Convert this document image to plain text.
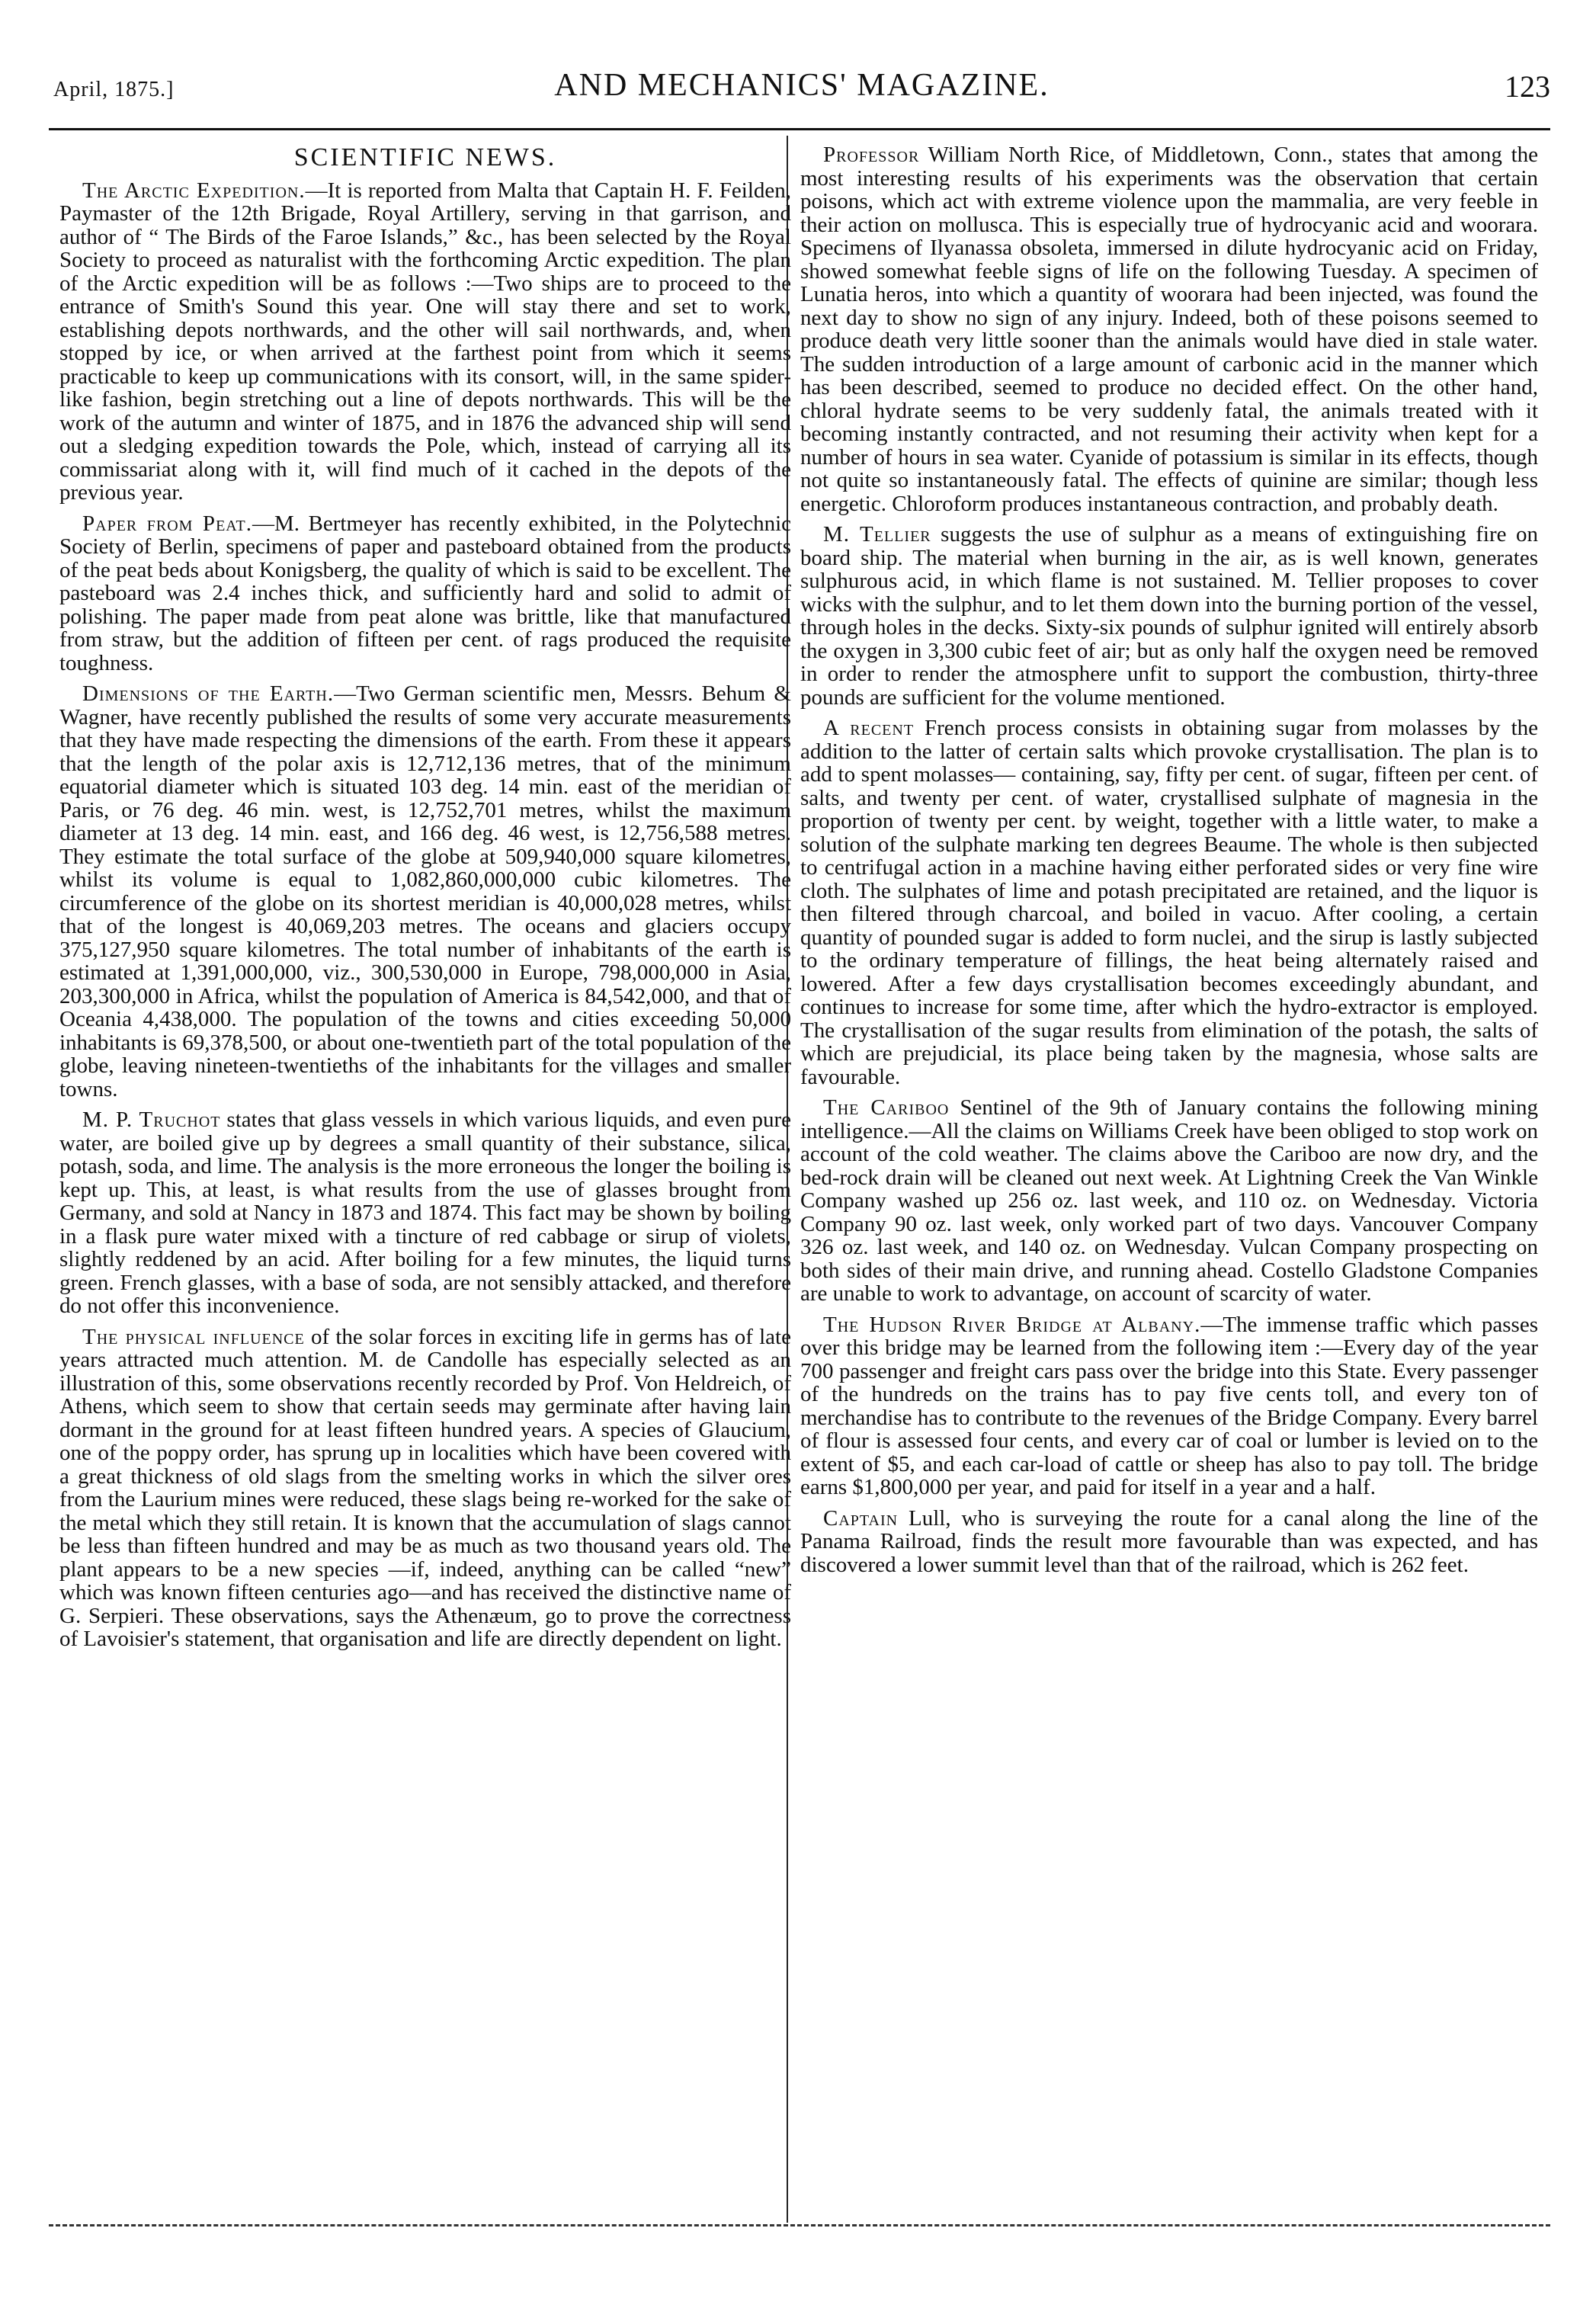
April, 1875.]	AND MECHANICS' MAGAZINE.	123
SCIENTIFIC NEWS.

The Arctic Expedition.—It is reported from Malta that Captain H. F. Feilden, Paymaster of the 12th Brigade, Royal Artillery, serving in that garrison, and author of “ The Birds of the Faroe Islands,” &c., has been selected by the Royal Society to proceed as naturalist with the forthcoming Arctic expedition. The plan of the Arctic expedition will be as follows :—Two ships are to proceed to the entrance of Smith's Sound this year. One will stay there and set to work, establishing depots northwards, and the other will sail northwards, and, when stopped by ice, or when arrived at the farthest point from which it seems practicable to keep up communications with its consort, will, in the same spider-like fashion, begin stretching out a line of depots northwards. This will be the work of the autumn and winter of 1875, and in 1876 the advanced ship will send out a sledging expedition towards the Pole, which, instead of carrying all its commissariat along with it, will find much of it cached in the depots of the previous year.

Paper from Peat.—M. Bertmeyer has recently exhibited, in the Polytechnic Society of Berlin, specimens of paper and pasteboard obtained from the products of the peat beds about Konigsberg, the quality of which is said to be excellent. The pasteboard was 2.4 inches thick, and sufficiently hard and solid to admit of polishing. The paper made from peat alone was brittle, like that manufactured from straw, but the addition of fifteen per cent. of rags produced the requisite toughness.

Dimensions of the Earth.—Two German scientific men, Messrs. Behum & Wagner, have recently published the results of some very accurate measurements that they have made respecting the dimensions of the earth. From these it appears that the length of the polar axis is 12,712,136 metres, that of the minimum equatorial diameter which is situated 103 deg. 14 min. east of the meridian of Paris, or 76 deg. 46 min. west, is 12,752,701 metres, whilst the maximum diameter at 13 deg. 14 min. east, and 166 deg. 46 west, is 12,756,588 metres. They estimate the total surface of the globe at 509,940,000 square kilometres, whilst its volume is equal to 1,082,860,000,000 cubic kilometres. The circumference of the globe on its shortest meridian is 40,000,028 metres, whilst that of the longest is 40,069,203 metres. The oceans and glaciers occupy 375,127,950 square kilometres. The total number of inhabitants of the earth is estimated at 1,391,000,000, viz., 300,530,000 in Europe, 798,000,000 in Asia, 203,300,000 in Africa, whilst the population of America is 84,542,000, and that of Oceania 4,438,000. The population of the towns and cities exceeding 50,000 inhabitants is 69,378,500, or about one-twentieth part of the total population of the globe, leaving nineteen-twentieths of the inhabitants for the villages and smaller towns.

M. P. Truchot states that glass vessels in which various liquids, and even pure water, are boiled give up by degrees a small quantity of their substance, silica, potash, soda, and lime. The analysis is the more erroneous the longer the boiling is kept up. This, at least, is what results from the use of glasses brought from Germany, and sold at Nancy in 1873 and 1874. This fact may be shown by boiling in a flask pure water mixed with a tincture of red cabbage or sirup of violets, slightly reddened by an acid. After boiling for a few minutes, the liquid turns green. French glasses, with a base of soda, are not sensibly attacked, and therefore do not offer this inconvenience.

The physical influence of the solar forces in exciting life in germs has of late years attracted much attention. M. de Candolle has especially selected as an illustration of this, some observations recently recorded by Prof. Von Heldreich, of Athens, which seem to show that certain seeds may germinate after having lain dormant in the ground for at least fifteen hundred years. A species of Glaucium, one of the poppy order, has sprung up in localities which have been covered with a great thickness of old slags from the smelting works in which the silver ores from the Laurium mines were reduced, these slags being re-worked for the sake of the metal which they still retain. It is known that the accumulation of slags cannot be less than fifteen hundred and may be as much as two thousand years old. The plant appears to be a new species —if, indeed, anything can be called “new” which was known fifteen centuries ago—and has received the distinctive name of G. Serpieri. These observations, says the Athenæum, go to prove the correctness of Lavoisier's statement, that organisation and life are directly dependent on light.

Professor William North Rice, of Middletown, Conn., states that among the most interesting results of his experiments was the observation that certain poisons, which act with extreme violence upon the mammalia, are very feeble in their action on mollusca. This is especially true of hydrocyanic acid and woorara. Specimens of Ilyanassa obsoleta, immersed in dilute hydrocyanic acid on Friday, showed somewhat feeble signs of life on the following Tuesday. A specimen of Lunatia heros, into which a quantity of woorara had been injected, was found the next day to show no sign of any injury. Indeed, both of these poisons seemed to produce death very little sooner than the animals would have died in stale water. The sudden introduction of a large amount of carbonic acid in the manner which has been described, seemed to produce no decided effect. On the other hand, chloral hydrate seems to be very suddenly fatal, the animals treated with it becoming instantly contracted, and not resuming their activity when kept for a number of hours in sea water. Cyanide of potassium is similar in its effects, though not quite so instantaneously fatal. The effects of quinine are similar; though less energetic. Chloroform produces instantaneous contraction, and probably death.

M. Tellier suggests the use of sulphur as a means of extinguishing fire on board ship. The material when burning in the air, as is well known, generates sulphurous acid, in which flame is not sustained. M. Tellier proposes to cover wicks with the sulphur, and to let them down into the burning portion of the vessel, through holes in the decks. Sixty-six pounds of sulphur ignited will entirely absorb the oxygen in 3,300 cubic feet of air; but as only half the oxygen need be removed in order to render the atmosphere unfit to support the combustion, thirty-three pounds are sufficient for the volume mentioned.

A recent French process consists in obtaining sugar from molasses by the addition to the latter of certain salts which provoke crystallisation. The plan is to add to spent molasses— containing, say, fifty per cent. of sugar, fifteen per cent. of salts, and twenty per cent. of water, crystallised sulphate of magnesia in the proportion of twenty per cent. by weight, together with a little water, to make a solution of the sulphate marking ten degrees Beaume. The whole is then subjected to centrifugal action in a machine having either perforated sides or very fine wire cloth. The sulphates of lime and potash precipitated are retained, and the liquor is then filtered through charcoal, and boiled in vacuo. After cooling, a certain quantity of pounded sugar is added to form nuclei, and the sirup is lastly subjected to the ordinary temperature of fillings, the heat being alternately raised and lowered. After a few days crystallisation becomes exceedingly abundant, and continues to increase for some time, after which the hydro-extractor is employed. The crystallisation of the sugar results from elimination of the potash, the salts of which are prejudicial, its place being taken by the magnesia, whose salts are favourable.

The Cariboo Sentinel of the 9th of January contains the following mining intelligence.—All the claims on Williams Creek have been obliged to stop work on account of the cold weather. The claims above the Cariboo are now dry, and the bed-rock drain will be cleaned out next week. At Lightning Creek the Van Winkle Company washed up 256 oz. last week, and 110 oz. on Wednesday. Victoria Company 90 oz. last week, only worked part of two days. Vancouver Company 326 oz. last week, and 140 oz. on Wednesday. Vulcan Company prospecting on both sides of their main drive, and running ahead. Costello Gladstone Companies are unable to work to advantage, on account of scarcity of water.

The Hudson River Bridge at Albany.—The immense traffic which passes over this bridge may be learned from the following item :—Every day of the year 700 passenger and freight cars pass over the bridge into this State. Every passenger of the hundreds on the trains has to pay five cents toll, and every ton of merchandise has to contribute to the revenues of the Bridge Company. Every barrel of flour is assessed four cents, and every car of coal or lumber is levied on to the extent of $5, and each car-load of cattle or sheep has also to pay toll. The bridge earns $1,800,000 per year, and paid for itself in a year and a half.

Captain Lull, who is surveying the route for a canal along the line of the Panama Railroad, finds the result more favourable than was expected, and has discovered a lower summit level than that of the railroad, which is 262 feet.
